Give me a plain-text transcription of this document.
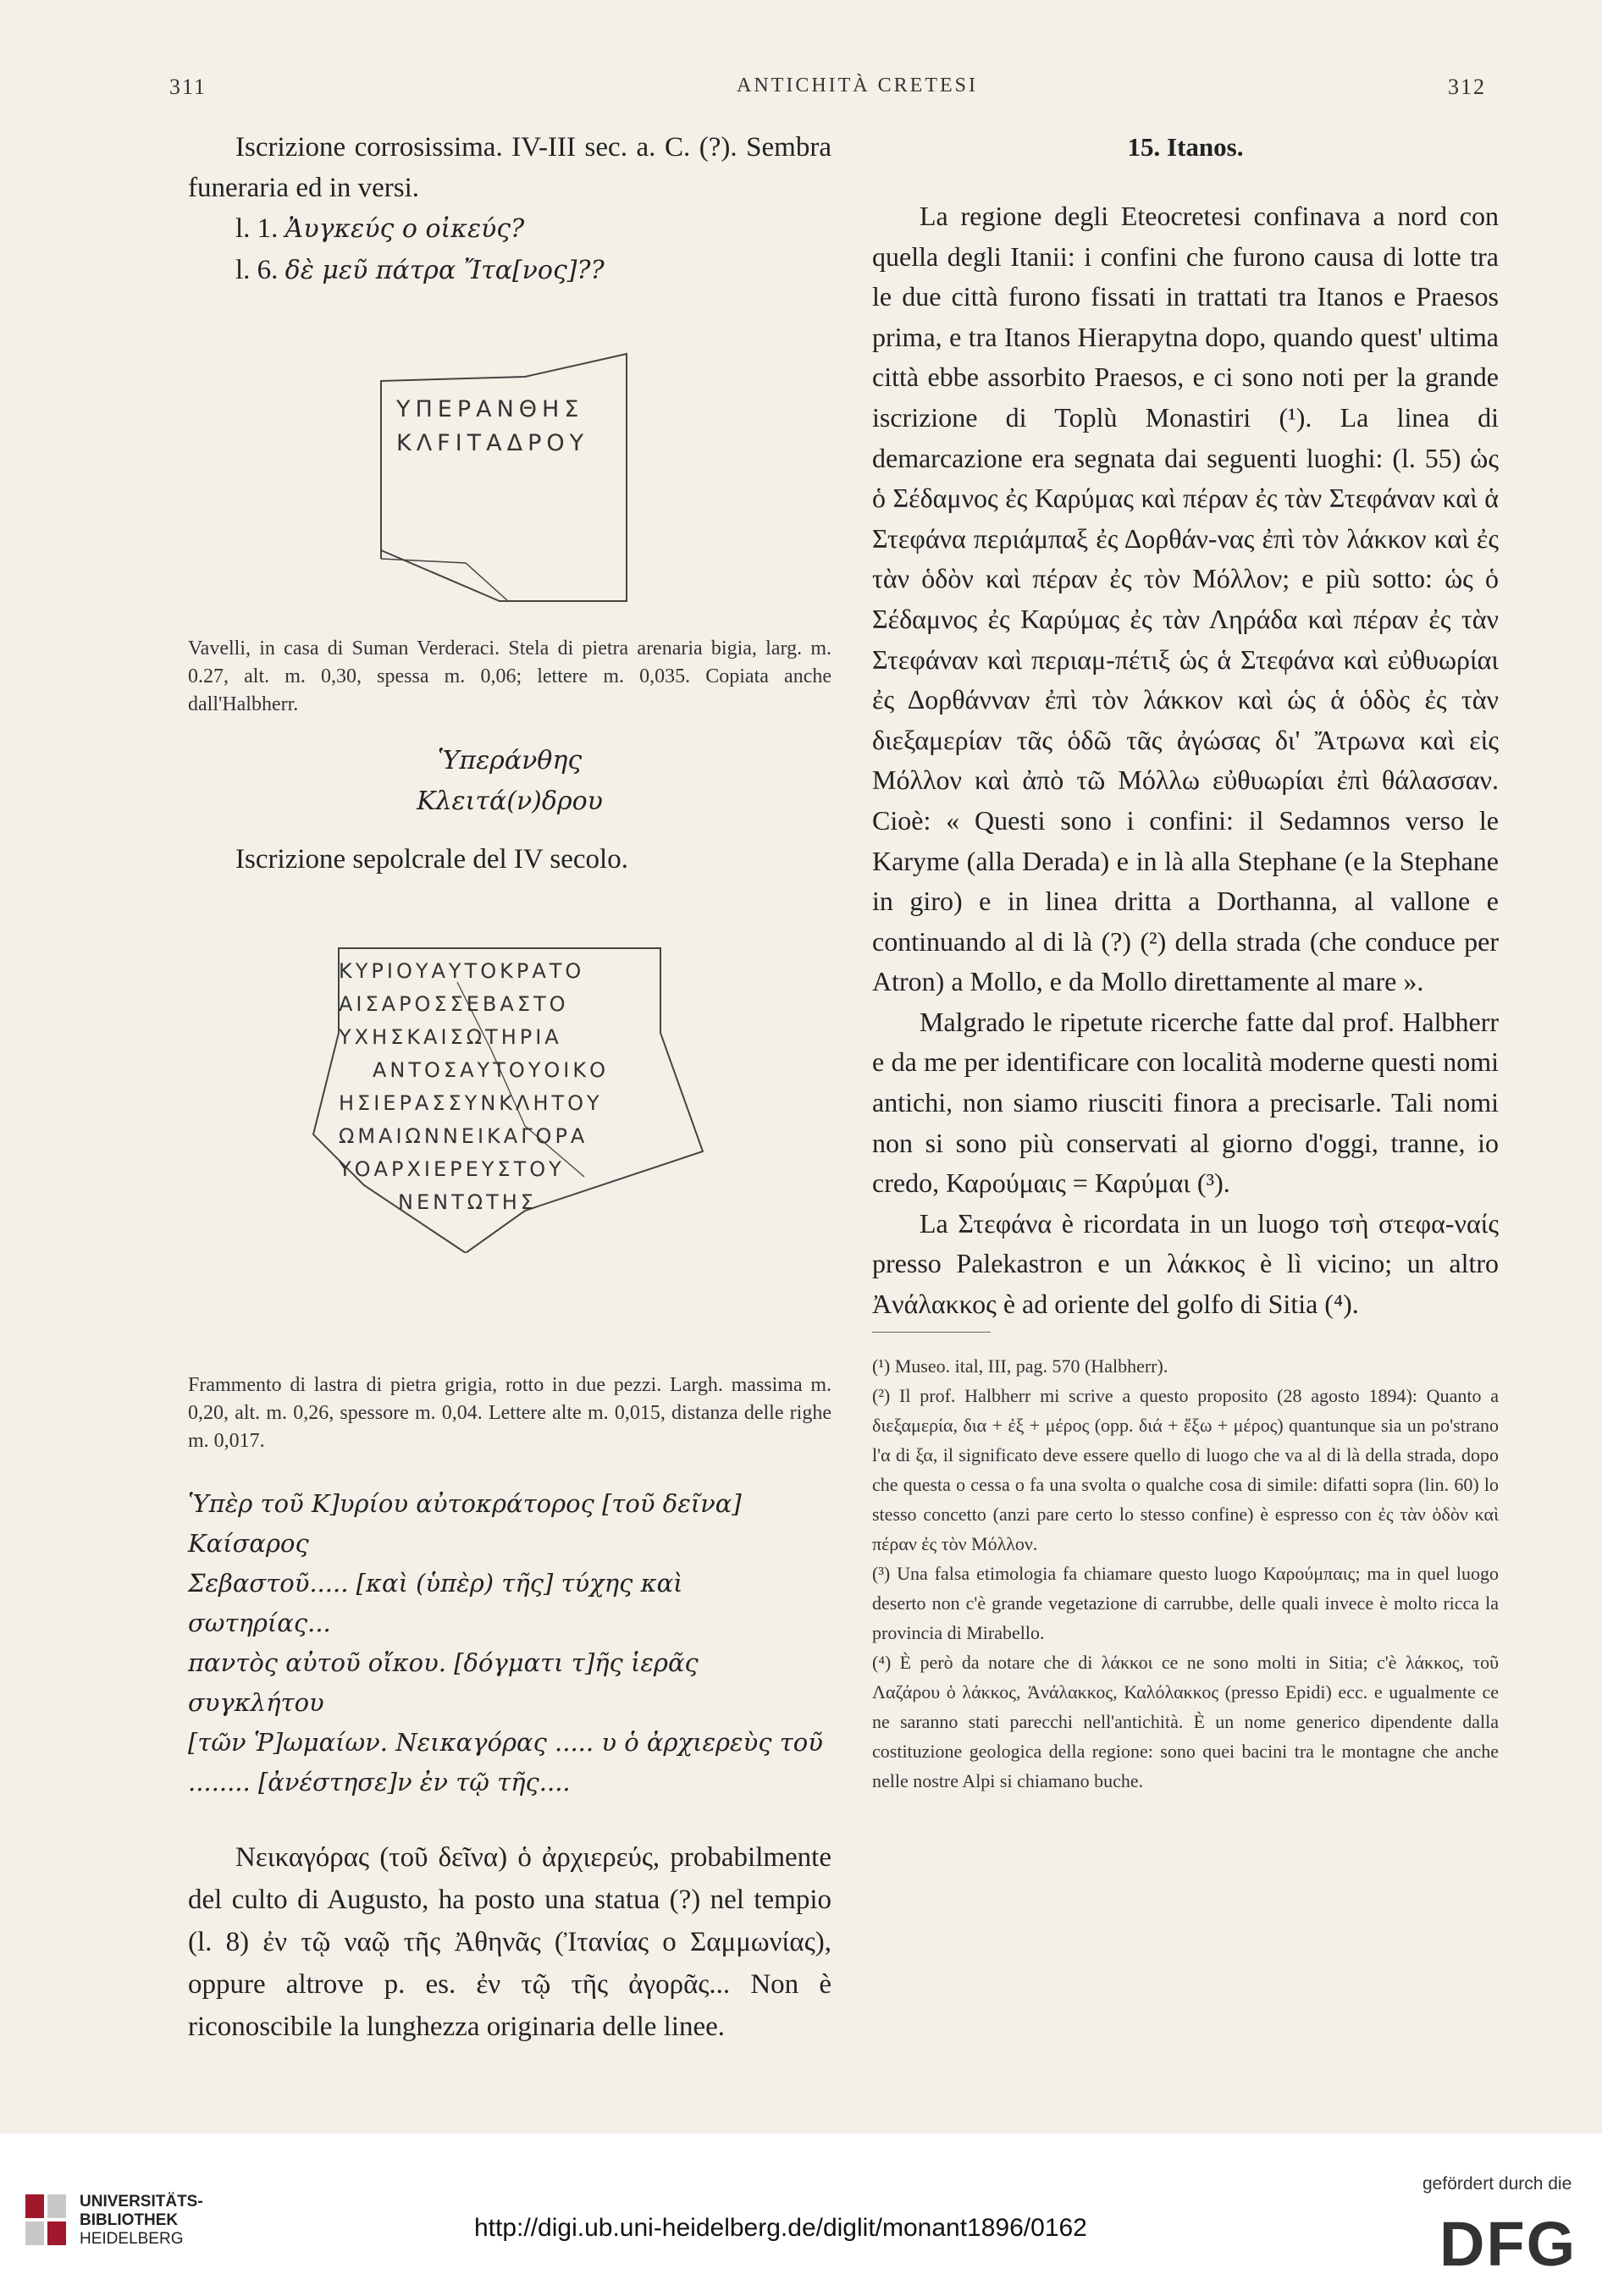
311	ANTICHITÀ CRETESI	312

Iscrizione corrosissima. IV-III sec. a. C. (?). Sembra funeraria ed in versi.

l. 1. Ἀυγκεύς ο οἰκεύς?

l. 6. δὲ μεῦ πάτρα Ἴτα[νος]??

ΥΠΕΡΑΝΘΗΣ
ΚΛFΙΤΑΔΡΟΥ

Vavelli, in casa di Suman Verderaci. Stela di pietra arenaria bigia, larg. m. 0.27, alt. m. 0,30, spessa m. 0,06; lettere m. 0,035. Copiata anche dall'Halbherr.

Ὑπεράνθης

Κλειτά(ν)δρου

Iscrizione sepolcrale del IV secolo.

ΚΥΡΙΟΥΑΥΤΟΚΡΑΤΟ
ΑΙΣΑΡΟΣΣΕΒΑΣΤΟ
ΥΧΗΣΚΑΙΣΩΤΗΡΙΑ
ΑΝΤΟΣΑΥΤΟΥΟΙΚΟ
ΗΣΙΕΡΑΣΣΥΝΚΛΗΤΟΥ
ΩΜΑΙΩΝΝΕΙΚΑΓΟΡΑ
ΥΟΑΡΧΙΕΡΕΥΣΤΟΥ
ΝΕΝΤΩΤΗΣ

Frammento di lastra di pietra grigia, rotto in due pezzi. Largh. massima m. 0,20, alt. m. 0,26, spessore m. 0,04. Lettere alte m. 0,015, distanza delle righe m. 0,017.

Ὑπὲρ τοῦ Κ]υρίου αὐτοκράτορος [τοῦ δεῖνα] Καίσαρος
Σεβαστοῦ..... [καὶ (ὑπὲρ) τῆς] τύχης καὶ σωτηρίας...
παντὸς αὐτοῦ οἴκου. [δόγματι τ]ῆς ἱερᾶς συγκλήτου
[τῶν Ῥ]ωμαίων. Νεικαγόρας ..... υ ὁ ἀρχιερεὺς τοῦ
........ [ἀνέστησε]ν ἐν τῷ τῆς....

Νεικαγόρας (τοῦ δεῖνα) ὁ ἀρχιερεύς, probabilmente del culto di Augusto, ha posto una statua (?) nel tempio (l. 8) ἐν τῷ ναῷ τῆς Ἀθηνᾶς (Ἰτανίας o Σαμμωνίας), oppure altrove p. es. ἐν τῷ τῆς ἀγορᾶς... Non è riconoscibile la lunghezza originaria delle linee.

15. Itanos.

La regione degli Eteocretesi confinava a nord con quella degli Itanii: i confini che furono causa di lotte tra le due città furono fissati in trattati tra Itanos e Praesos prima, e tra Itanos Hierapytna dopo, quando quest' ultima città ebbe assorbito Praesos, e ci sono noti per la grande iscrizione di Toplù Monastiri (¹). La linea di demarcazione era segnata dai seguenti luoghi: (l. 55) ὡς ὁ Σέδαμνος ἐς Καρύμας καὶ πέραν ἐς τὰν Στεφάναν καὶ ἁ Στεφάνα περιάμπαξ ἐς Δορθάν-νας ἐπὶ τὸν λάκκον καὶ ἐς τὰν ὁδὸν καὶ πέραν ἐς τὸν Μόλλον; e più sotto: ὡς ὁ Σέδαμνος ἐς Καρύμας ἐς τὰν Ληράδα καὶ πέραν ἐς τὰν Στεφάναν καὶ περιαμ-πέτιξ ὡς ἁ Στεφάνα καὶ εὐθυωρίαι ἐς Δορθάνναν ἐπὶ τὸν λάκκον καὶ ὡς ἁ ὁδὸς ἐς τὰν διεξαμερίαν τᾶς ὁδῶ τᾶς ἀγώσας δι' Ἄτρωνα καὶ εἰς Μόλλον καὶ ἀπὸ τῶ Μόλλω εὐθυωρίαι ἐπὶ θάλασσαν. Cioè: « Questi sono i confini: il Sedamnos verso le Karyme (alla Derada) e in là alla Stephane (e la Stephane in giro) e in linea dritta a Dorthanna, al vallone e continuando al di là (?) (²) della strada (che conduce per Atron) a Mollo, e da Mollo direttamente al mare ».

Malgrado le ripetute ricerche fatte dal prof. Halbherr e da me per identificare con località moderne questi nomi antichi, non siamo riusciti finora a precisarle. Tali nomi non si sono più conservati al giorno d'oggi, tranne, io credo, Καρούμαις = Καρύμαι (³).

La Στεφάνα è ricordata in un luogo τσὴ στεφα-ναίς presso Palekastron e un λάκκος è lì vicino; un altro Ἀνάλακκος è ad oriente del golfo di Sitia (⁴).

(¹) Museo. ital, III, pag. 570 (Halbherr).

(²) Il prof. Halbherr mi scrive a questo proposito (28 agosto 1894): Quanto a διεξαμερία, δια + ἐξ + μέρος (opp. διά + ἔξω + μέρος) quantunque sia un po'strano l'α di ξα, il significato deve essere quello di luogo che va al di là della strada, dopo che questa o cessa o fa una svolta o qualche cosa di simile: difatti sopra (lin. 60) lo stesso concetto (anzi pare certo lo stesso confine) è espresso con ἐς τὰν ὁδὸν καὶ πέραν ἐς τὸν Μόλλον.

(³) Una falsa etimologia fa chiamare questo luogo Καρούμπαις; ma in quel luogo deserto non c'è grande vegetazione di carrubbe, delle quali invece è molto ricca la provincia di Mirabello.

(⁴) È però da notare che di λάκκοι ce ne sono molti in Sitia; c'è λάκκος, τοῦ Λαζάρου ὁ λάκκος, Ἀνάλακκος, Καλόλακκος (presso Epidi) ecc. e ugualmente ce ne saranno stati parecchi nell'antichità. È un nome generico dipendente dalla costituzione geologica della regione: sono quei bacini tra le montagne che anche nelle nostre Alpi si chiamano buche.

UNIVERSITÄTS-
BIBLIOTHEK
HEIDELBERG	http://digi.ub.uni-heidelberg.de/diglit/monant1896/0162
gefördert durch die
DFG
